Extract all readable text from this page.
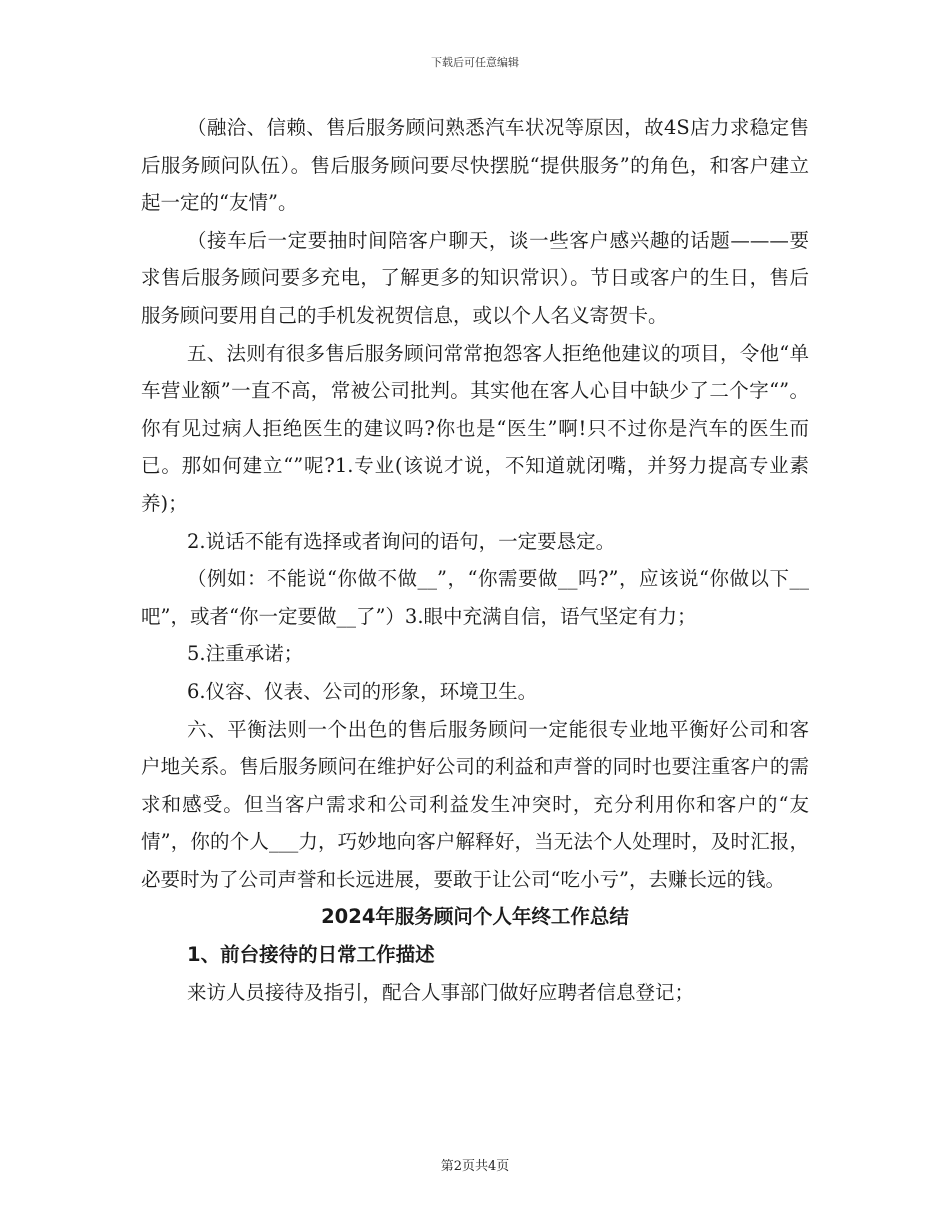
下载后可任意编辑

（融洽、信赖、售后服务顾问熟悉汽车状况等原因，故4S店力求稳定售后服务顾问队伍）。售后服务顾问要尽快摆脱“提供服务”的角色，和客户建立起一定的“友情”。

（接车后一定要抽时间陪客户聊天，谈一些客户感兴趣的话题———要求售后服务顾问要多充电，了解更多的知识常识）。节日或客户的生日，售后服务顾问要用自己的手机发祝贺信息，或以个人名义寄贺卡。

五、法则有很多售后服务顾问常常抱怨客人拒绝他建议的项目，令他“单车营业额”一直不高，常被公司批判。其实他在客人心目中缺少了二个字“”。你有见过病人拒绝医生的建议吗?你也是“医生”啊!只不过你是汽车的医生而已。那如何建立“”呢?1.专业(该说才说，不知道就闭嘴，并努力提高专业素养)；

2.说话不能有选择或者询问的语句，一定要恳定。

（例如：不能说“你做不做__”，“你需要做__吗?”，应该说“你做以下__吧”，或者“你一定要做__了”）3.眼中充满自信，语气坚定有力；

5.注重承诺；

6.仪容、仪表、公司的形象，环境卫生。

六、平衡法则一个出色的售后服务顾问一定能很专业地平衡好公司和客户地关系。售后服务顾问在维护好公司的利益和声誉的同时也要注重客户的需求和感受。但当客户需求和公司利益发生冲突时，充分利用你和客户的“友情”，你的个人___力，巧妙地向客户解释好，当无法个人处理时，及时汇报，必要时为了公司声誉和长远进展，要敢于让公司“吃小亏”，去赚长远的钱。

2024年服务顾问个人年终工作总结

1、前台接待的日常工作描述

来访人员接待及指引，配合人事部门做好应聘者信息登记；

第2页共4页
